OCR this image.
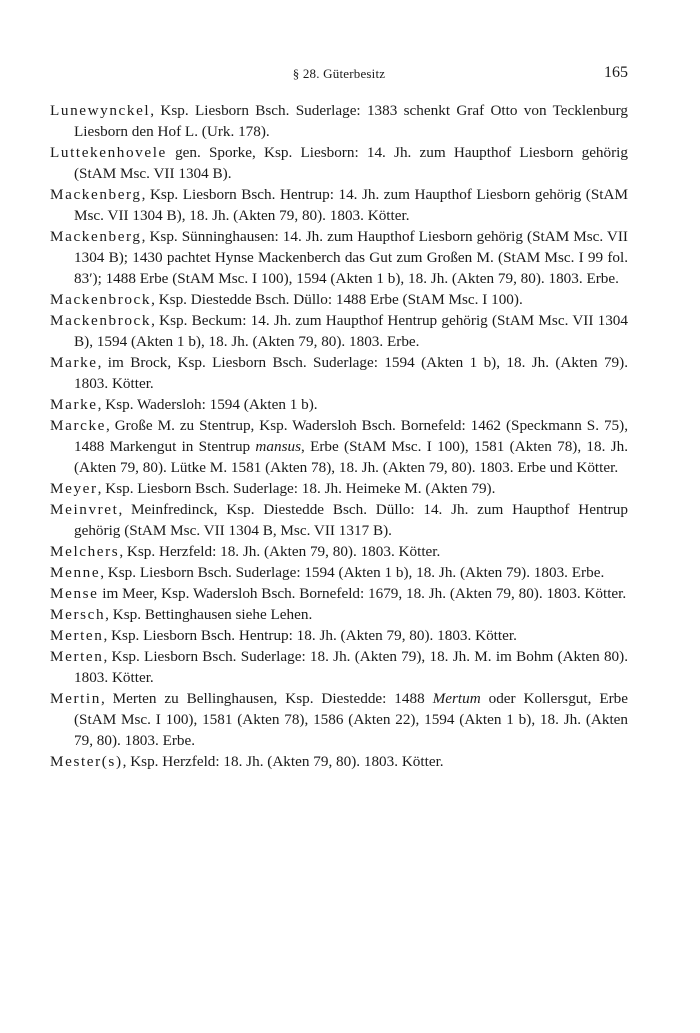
§ 28. Güterbesitz	165

Lunewynckel, Ksp. Liesborn Bsch. Suderlage: 1383 schenkt Graf Otto von Tecklenburg Liesborn den Hof L. (Urk. 178).

Luttekenhovele gen. Sporke, Ksp. Liesborn: 14. Jh. zum Haupthof Liesborn gehörig (StAM Msc. VII 1304 B).

Mackenberg, Ksp. Liesborn Bsch. Hentrup: 14. Jh. zum Haupthof Liesborn gehörig (StAM Msc. VII 1304 B), 18. Jh. (Akten 79, 80). 1803. Kötter.

Mackenberg, Ksp. Sünninghausen: 14. Jh. zum Haupthof Liesborn gehörig (StAM Msc. VII 1304 B); 1430 pachtet Hynse Mackenberch das Gut zum Großen M. (StAM Msc. I 99 fol. 83′); 1488 Erbe (StAM Msc. I 100), 1594 (Akten 1 b), 18. Jh. (Akten 79, 80). 1803. Erbe.

Mackenbrock, Ksp. Diestedde Bsch. Düllo: 1488 Erbe (StAM Msc. I 100).

Mackenbrock, Ksp. Beckum: 14. Jh. zum Haupthof Hentrup gehörig (StAM Msc. VII 1304 B), 1594 (Akten 1 b), 18. Jh. (Akten 79, 80). 1803. Erbe.

Marke, im Brock, Ksp. Liesborn Bsch. Suderlage: 1594 (Akten 1 b), 18. Jh. (Akten 79). 1803. Kötter.

Marke, Ksp. Wadersloh: 1594 (Akten 1 b).

Marcke, Große M. zu Stentrup, Ksp. Wadersloh Bsch. Bornefeld: 1462 (Speckmann S. 75), 1488 Markengut in Stentrup mansus, Erbe (StAM Msc. I 100), 1581 (Akten 78), 18. Jh. (Akten 79, 80). Lütke M. 1581 (Akten 78), 18. Jh. (Akten 79, 80). 1803. Erbe und Kötter.

Meyer, Ksp. Liesborn Bsch. Suderlage: 18. Jh. Heimeke M. (Akten 79).

Meinvret, Meinfredinck, Ksp. Diestedde Bsch. Düllo: 14. Jh. zum Haupthof Hentrup gehörig (StAM Msc. VII 1304 B, Msc. VII 1317 B).

Melchers, Ksp. Herzfeld: 18. Jh. (Akten 79, 80). 1803. Kötter.

Menne, Ksp. Liesborn Bsch. Suderlage: 1594 (Akten 1 b), 18. Jh. (Akten 79). 1803. Erbe.

Mense im Meer, Ksp. Wadersloh Bsch. Bornefeld: 1679, 18. Jh. (Akten 79, 80). 1803. Kötter.

Mersch, Ksp. Bettinghausen siehe Lehen.

Merten, Ksp. Liesborn Bsch. Hentrup: 18. Jh. (Akten 79, 80). 1803. Kötter.

Merten, Ksp. Liesborn Bsch. Suderlage: 18. Jh. (Akten 79), 18. Jh. M. im Bohm (Akten 80). 1803. Kötter.

Mertin, Merten zu Bellinghausen, Ksp. Diestedde: 1488 Mertum oder Kollersgut, Erbe (StAM Msc. I 100), 1581 (Akten 78), 1586 (Akten 22), 1594 (Akten 1 b), 18. Jh. (Akten 79, 80). 1803. Erbe.

Mester(s), Ksp. Herzfeld: 18. Jh. (Akten 79, 80). 1803. Kötter.
